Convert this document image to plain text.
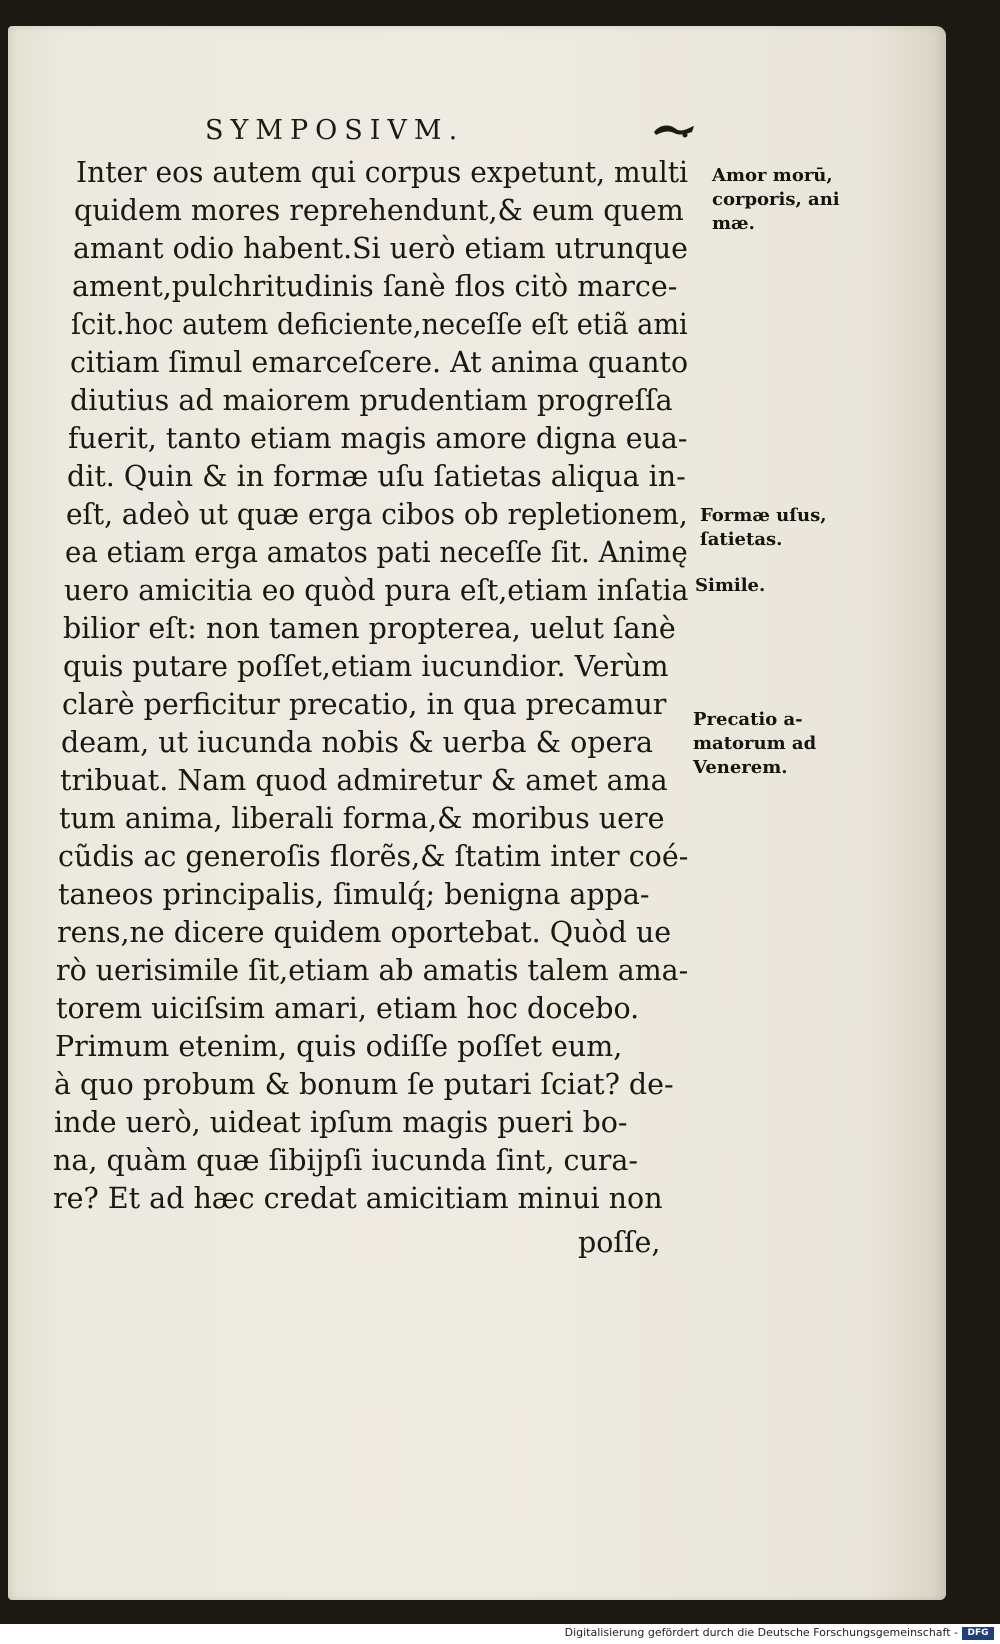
SYMPOSIVM.
Inter eos autem qui corpus expetunt, multi
quidem mores reprehendunt,& eum quem
amant odio habent.Si uerò etiam utrunque
ament,pulchritudinis ſanè flos citò marce-
ſcit.hoc autem deficiente,neceſſe eſt etiã ami
citiam ſimul emarceſcere. At anima quanto
diutius ad maiorem prudentiam progreſſa
fuerit, tanto etiam magis amore digna eua-
dit. Quin & in formæ uſu ſatietas aliqua in-
eſt, adeò ut quæ erga cibos ob repletionem,
ea etiam erga amatos pati neceſſe ſit. Animę
uero amicitia eo quòd pura eſt,etiam inſatia
bilior eſt: non tamen propterea, uelut ſanè
quis putare poſſet,etiam iucundior. Verùm
clarè perficitur precatio, in qua precamur
deam, ut iucunda nobis & uerba & opera
tribuat. Nam quod admiretur & amet ama
tum anima, liberali forma,& moribus uere
cũdis ac generoſis florẽs,& ſtatim inter coé-
taneos principalis, ſimulq́; benigna appa-
rens,ne dicere quidem oportebat. Quòd ue
rò uerisimile ſit,etiam ab amatis talem ama-
torem uiciſsim amari, etiam hoc docebo.
Primum etenim, quis odiſſe poſſet eum,
à quo probum & bonum ſe putari ſciat? de-
inde uerò, uideat ipſum magis pueri bo-
na, quàm quæ ſibijpſi iucunda ſint, cura-
re? Et ad hæc credat amicitiam minui non
poſſe,
Amor morū,
corporis, ani
mæ.
Formæ uſus,
ſatietas.
Simile.
Precatio a-
matorum ad
Venerem.
Digitalisierung gefördert durch die Deutsche Forschungsgemeinschaft -	DFG
